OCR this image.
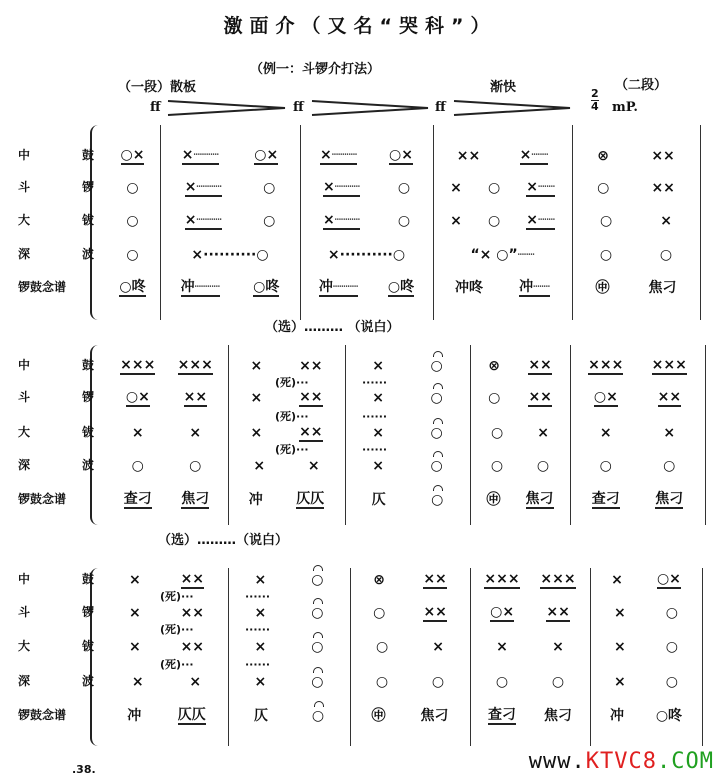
激面介（又名“哭科”）
（例一：斗锣介打法）
（一段）散板	渐快	（二段）
ff	ff	ff
2
4 mP.
中	鼓 ○×	×┈┈┈	○×	×┈┈┈ ○×	××	×┈┈	⊗	××
斗	锣 ○	×┈┈┈	○	×┈┈┈	○	× ○ ×┈┈	○	××
大	钹 ○	×┈┈┈	○	×┈┈┈	○	× ○ ×┈┈	○	×
深	波 ○	×··········○	×··········○	“× ○”┈┈	○	○
锣鼓念谱	○咚	冲┈┈┈ ○咚	冲┈┈┈ ○咚	冲咚	冲┈┈	㊥	焦刁
（选）……… （说白）
中	鼓 ××× ×××	×	××	×	○	⊗ ××	××× ×××
斗	锣 ○× ××	×	××	×	○	○ ××	○×	××
大	钹	×	×	×	××	×	○	○ ×	×	×
深	波	○	○	×	×	×	○	○ ○	○	○
锣鼓念谱	查刁 焦刁	冲 仄仄	仄	○	㊥ 焦刁	查刁	焦刁
(死)···
(死)···
(死)···
······
······
······
（选）………（说白）
中	鼓 ×	××	×	○	⊗	××	××× ×××	× ○×
斗	锣 ×	××	×	○	○	××	○× ××	×	○
大	钹 ×	××	×	○	○	×	×	×	×	○
深	波	×	×	×	○	○	○	○	○	×	○
锣鼓念谱	冲	仄仄	仄	○	㊥	焦刁	查刁 焦刁	冲 ○咚
(死)···
(死)···
(死)···
······
······
······
.38.	www.KTVC8.COM
